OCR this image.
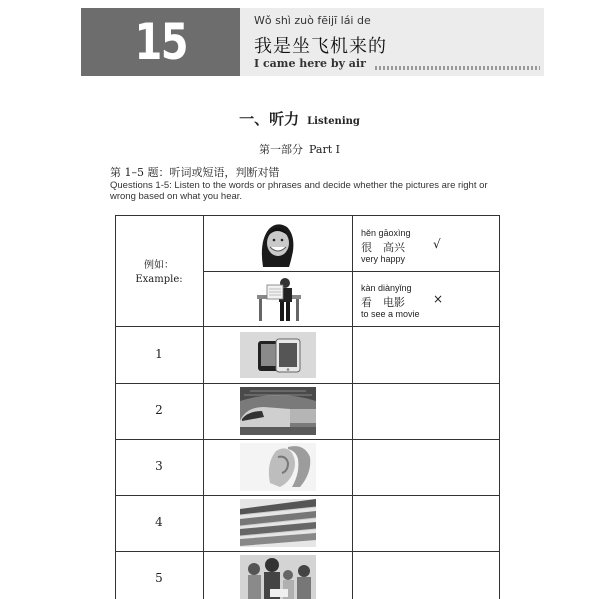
15	Wǒ shì zuò fēijī lái de
我是坐飞机来的
I came here by air
一、听力 Listening
第一部分 Part Ⅰ
第 1–5 题：听词或短语，判断对错
Questions 1-5: Listen to the words or phrases and decide whether the pictures are right or wrong based on what you hear.
例如：
Example:
hěn gāoxìng
很　高兴
very happy
√
kàn diànyǐng
看　电影
to see a movie
×
1
2
3
4
5
